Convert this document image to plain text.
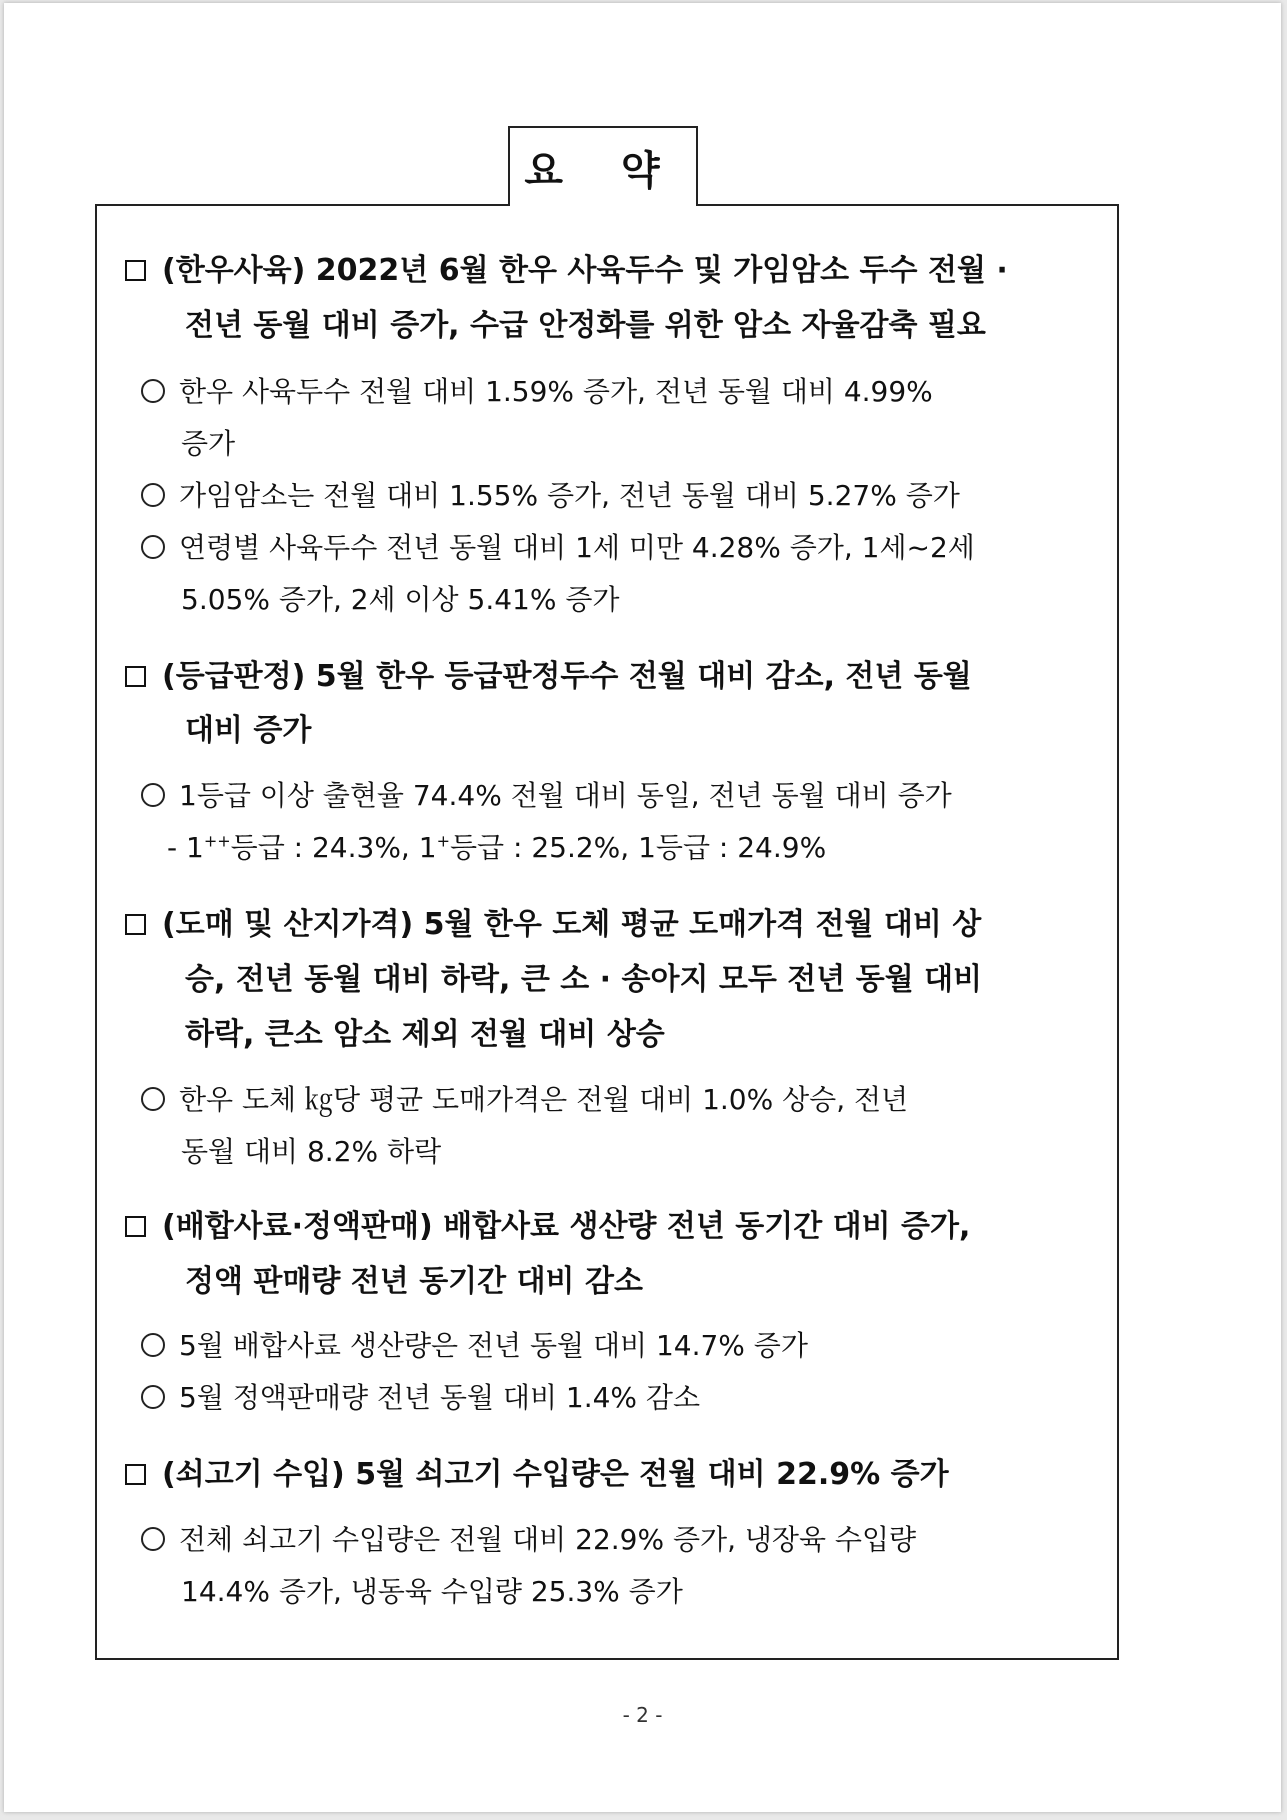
요 약
(한우사육) 2022년 6월 한우 사육두수 및 가임암소 두수 전월 ·
전년 동월 대비 증가, 수급 안정화를 위한 암소 자율감축 필요
한우 사육두수 전월 대비 1.59% 증가, 전년 동월 대비 4.99%
증가
가임암소는 전월 대비 1.55% 증가, 전년 동월 대비 5.27% 증가
연령별 사육두수 전년 동월 대비 1세 미만 4.28% 증가, 1세~2세
5.05% 증가, 2세 이상 5.41% 증가
(등급판정) 5월 한우 등급판정두수 전월 대비 감소, 전년 동월
대비 증가
1등급 이상 출현율 74.4% 전월 대비 동일, 전년 동월 대비 증가
- 1++등급 : 24.3%, 1+등급 : 25.2%, 1등급 : 24.9%
(도매 및 산지가격) 5월 한우 도체 평균 도매가격 전월 대비 상
승, 전년 동월 대비 하락, 큰 소 · 송아지 모두 전년 동월 대비
하락, 큰소 암소 제외 전월 대비 상승
한우 도체 ㎏당 평균 도매가격은 전월 대비 1.0% 상승, 전년
동월 대비 8.2% 하락
(배합사료·정액판매) 배합사료 생산량 전년 동기간 대비 증가,
정액 판매량 전년 동기간 대비 감소
5월 배합사료 생산량은 전년 동월 대비 14.7% 증가
5월 정액판매량 전년 동월 대비 1.4% 감소
(쇠고기 수입) 5월 쇠고기 수입량은 전월 대비 22.9% 증가
전체 쇠고기 수입량은 전월 대비 22.9% 증가, 냉장육 수입량
14.4% 증가, 냉동육 수입량 25.3% 증가
- 2 -
